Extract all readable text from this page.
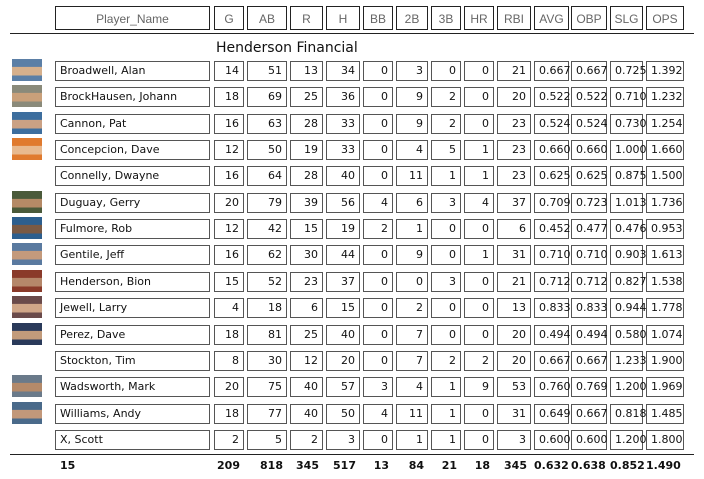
Player_Name	G	AB	R	H	BB	2B	3B	HR	RBI	AVG	OBP	SLG	OPS
Henderson Financial
Broadwell, Alan	14	51	13	34	0	3	0	0	21	0.667 0.667 0.725 1.392
BrockHausen, Johann	18	69	25	36	0	9	2	0	20	0.522 0.522 0.710 1.232
Cannon, Pat	16	63	28	33	0	9	2	0	23	0.524 0.524 0.730 1.254
Concepcion, Dave	12	50	19	33	0	4	5	1	23	0.660 0.660 1.000 1.660
Connelly, Dwayne	16	64	28	40	0	11	1	1	23	0.625 0.625 0.875 1.500
Duguay, Gerry	20	79	39	56	4	6	3	4	37	0.709 0.723 1.013 1.736
Fulmore, Rob	12	42	15	19	2	1	0	0	6	0.452 0.477 0.476 0.953
Gentile, Jeff	16	62	30	44	0	9	0	1	31	0.710 0.710 0.903 1.613
Henderson, Bion	15	52	23	37	0	0	3	0	21	0.712 0.712 0.827 1.538
Jewell, Larry	4	18	6	15	0	2	0	0	13	0.833 0.833 0.944 1.778
Perez, Dave	18	81	25	40	0	7	0	0	20	0.494 0.494 0.580 1.074
Stockton, Tim	8	30	12	20	0	7	2	2	20	0.667 0.667 1.233 1.900
Wadsworth, Mark	20	75	40	57	3	4	1	9	53	0.760 0.769 1.200 1.969
Williams, Andy	18	77	40	50	4	11	1	0	31	0.649 0.667 0.818 1.485
X, Scott	2	5	2	3	0	1	1	0	3	0.600 0.600 1.200 1.800
15	209	818	345	517	13	84	21	18	345 0.632 0.638 0.852 1.490
